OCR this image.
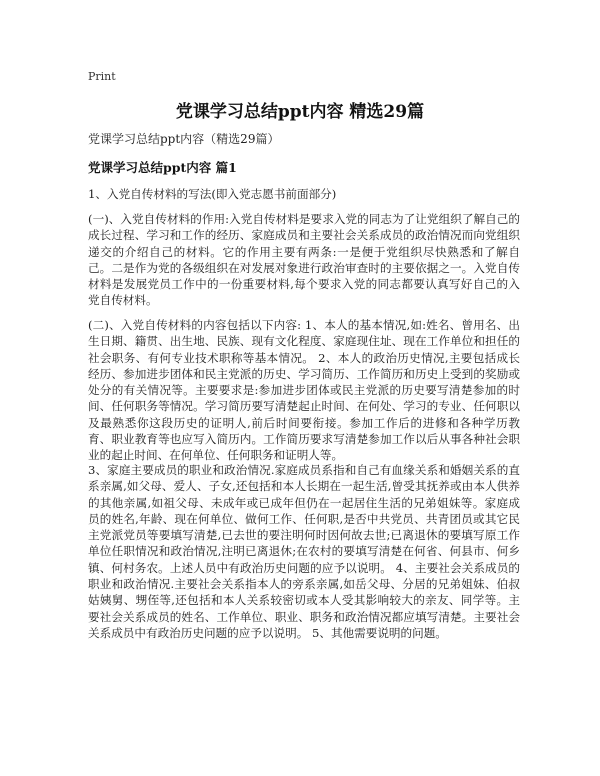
Print
党课学习总结ppt内容 精选29篇
党课学习总结ppt内容（精选29篇）
党课学习总结ppt内容 篇1
1、入党自传材料的写法(即入党志愿书前面部分)
(一)、入党自传材料的作用:入党自传材料是要求入党的同志为了让党组织了解自己的成长过程、学习和工作的经历、家庭成员和主要社会关系成员的政治情况而向党组织递交的介绍自己的材料。它的作用主要有两条:一是便于党组织尽快熟悉和了解自己。二是作为党的各级组织在对发展对象进行政治审查时的主要依据之一。入党自传材料是发展党员工作中的一份重要材料,每个要求入党的同志都要认真写好自己的入党自传材料。
(二)、入党自传材料的内容包括以下内容: 1、本人的基本情况,如:姓名、曾用名、出生日期、籍贯、出生地、民族、现有文化程度、家庭现住址、现在工作单位和担任的社会职务、有何专业技术职称等基本情况。 2、本人的政治历史情况,主要包括成长经历、参加进步团体和民主党派的历史、学习简历、工作简历和历史上受到的奖励或处分的有关情况等。主要要求是:参加进步团体或民主党派的历史要写清楚参加的时间、任何职务等情况。学习简历要写清楚起止时间、在何处、学习的专业、任何职以及最熟悉你这段历史的证明人,前后时间要衔接。参加工作后的进修和各种学历教育、职业教育等也应写入简历内。工作简历要求写清楚参加工作以后从事各种社会职业的起止时间、在何单位、任何职务和证明人等。
3、家庭主要成员的职业和政治情况.家庭成员系指和自己有血缘关系和婚姻关系的直系亲属,如父母、爱人、子女,还包括和本人长期在一起生活,曾受其抚养或由本人供养的其他亲属,如祖父母、未成年或已成年但仍在一起居住生活的兄弟姐妹等。家庭成员的姓名,年龄、现在何单位、做何工作、任何职,是否中共党员、共青团员或其它民主党派党员等要填写清楚,已去世的要注明何时因何故去世;已离退休的要填写原工作单位任职情况和政治情况,注明已离退休;在农村的要填写清楚在何省、何县市、何乡镇、何村务农。上述人员中有政治历史问题的应予以说明。 4、主要社会关系成员的职业和政治情况.主要社会关系指本人的旁系亲属,如岳父母、分居的兄弟姐妹、伯叔姑姨舅、甥侄等,还包括和本人关系较密切或本人受其影响较大的亲友、同学等。主要社会关系成员的姓名、工作单位、职业、职务和政治情况都应填写清楚。主要社会关系成员中有政治历史问题的应予以说明。 5、其他需要说明的问题。
